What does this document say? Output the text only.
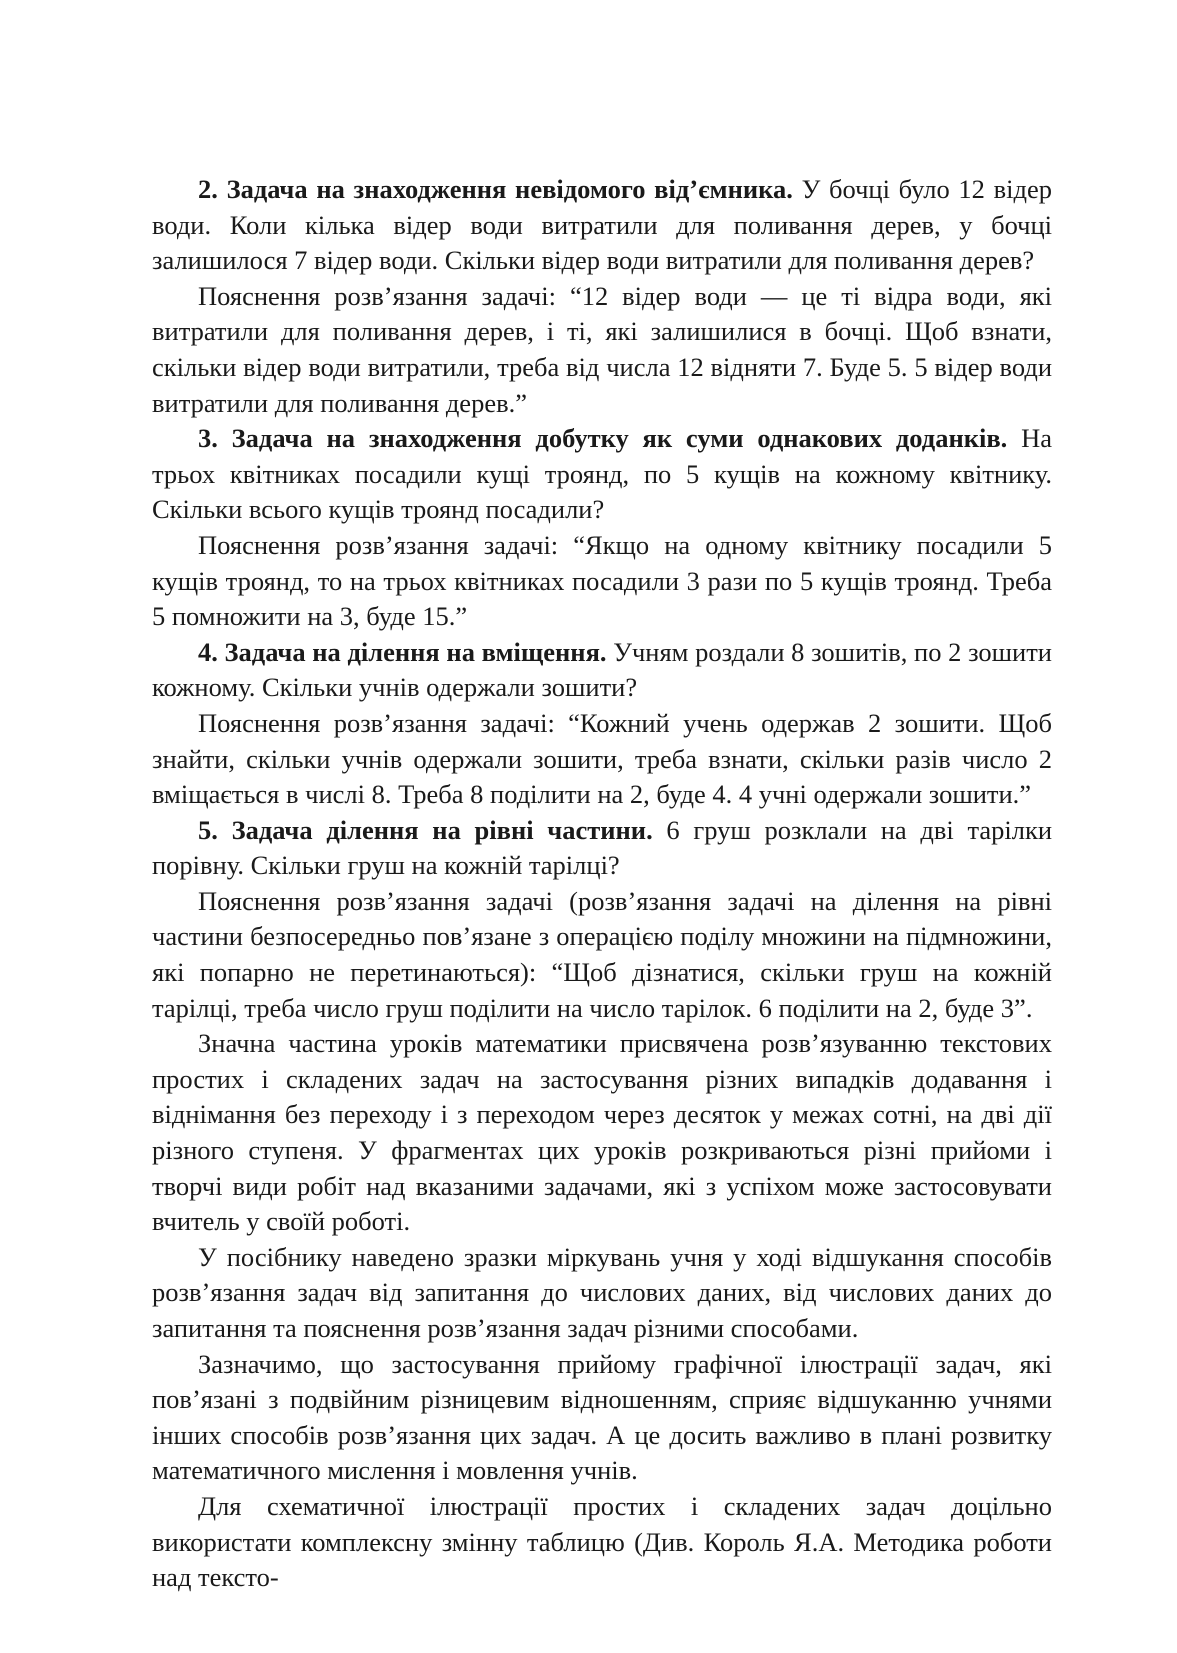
2. Задача на знаходження невідомого від’ємника. У бочці було 12 відер води. Коли кілька відер води витратили для поливання дерев, у бочці залишилося 7 відер води. Скільки відер води витратили для поливання дерев?

Пояснення розв’язання задачі: “12 відер води — це ті відра води, які витратили для поливання дерев, і ті, які залишилися в бочці. Щоб взнати, скільки відер води витратили, треба від числа 12 відняти 7. Буде 5. 5 відер води витратили для поливання дерев.”

3. Задача на знаходження добутку як суми однакових доданків. На трьох квітниках посадили кущі троянд, по 5 кущів на кожному квітнику. Скільки всього кущів троянд посадили?

Пояснення розв’язання задачі: “Якщо на одному квітнику посадили 5 кущів троянд, то на трьох квітниках посадили 3 рази по 5 кущів троянд. Треба 5 помножити на 3, буде 15.”

4. Задача на ділення на вміщення. Учням роздали 8 зошитів, по 2 зошити кожному. Скільки учнів одержали зошити?

Пояснення розв’язання задачі: “Кожний учень одержав 2 зошити. Щоб знайти, скільки учнів одержали зошити, треба взнати, скільки разів число 2 вміщається в числі 8. Треба 8 поділити на 2, буде 4. 4 учні одержали зошити.”

5. Задача ділення на рівні частини. 6 груш розклали на дві тарілки порівну. Скільки груш на кожній тарілці?

Пояснення розв’язання задачі (розв’язання задачі на ділення на рівні частини безпосередньо пов’язане з операцією поділу множини на підмножини, які попарно не перетинаються): “Щоб дізнатися, скільки груш на кожній тарілці, треба число груш поділити на число тарілок. 6 поділити на 2, буде 3”.

Значна частина уроків математики присвячена розв’язуванню текстових простих і складених задач на застосування різних випадків додавання і віднімання без переходу і з переходом через десяток у межах сотні, на дві дії різного ступеня. У фрагментах цих уроків розкриваються різні прийоми і творчі види робіт над вказаними задачами, які з успіхом може застосовувати вчитель у своїй роботі.

У посібнику наведено зразки міркувань учня у ході відшукання способів розв’язання задач від запитання до числових даних, від числових даних до запитання та пояснення розв’язання задач різними способами.

Зазначимо, що застосування прийому графічної ілюстрації задач, які пов’язані з подвійним різницевим відношенням, сприяє відшуканню учнями інших способів розв’язання цих задач. А це досить важливо в плані розвитку математичного мислення і мовлення учнів.

Для схематичної ілюстрації простих і складених задач доцільно використати комплексну змінну таблицю (Див. Король Я.А. Методика роботи над тексто-
